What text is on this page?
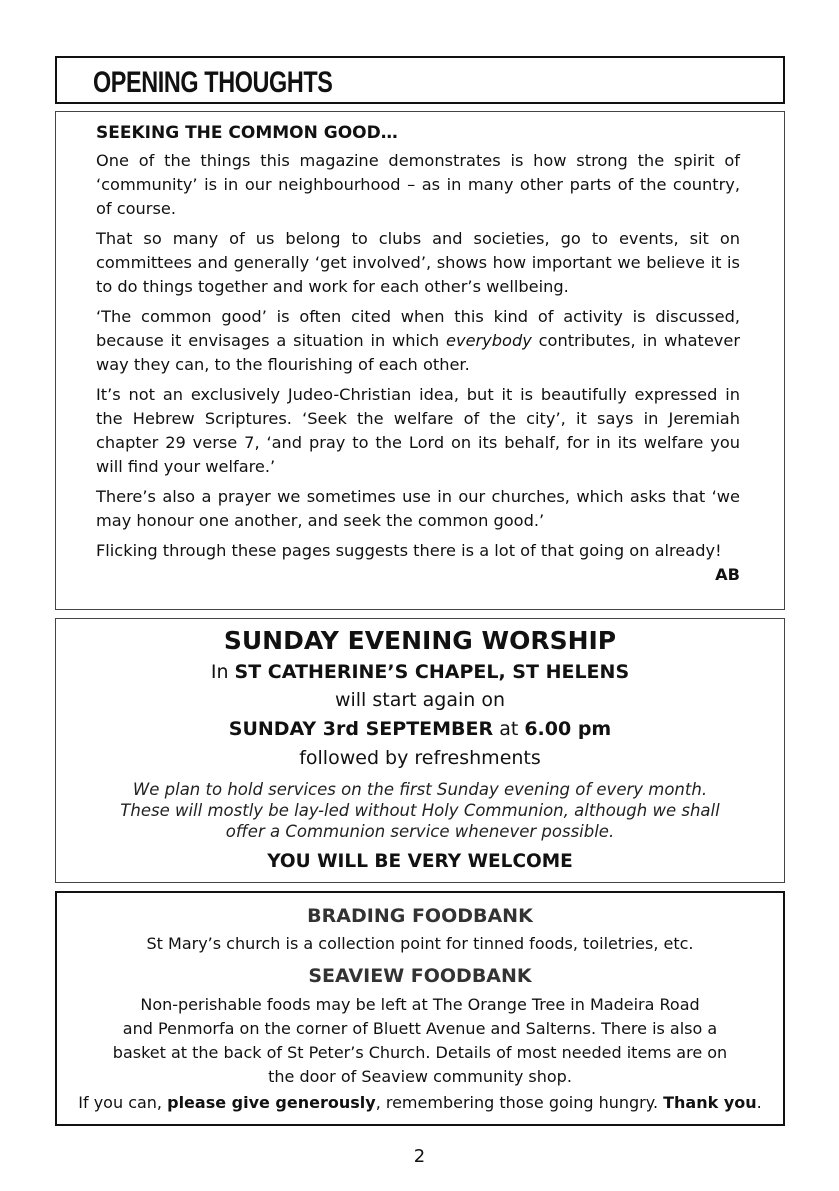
OPENING THOUGHTS
SEEKING THE COMMON GOOD…

One of the things this magazine demonstrates is how strong the spirit of ‘community’ is in our neighbourhood – as in many other parts of the country, of course.

That so many of us belong to clubs and societies, go to events, sit on committees and generally ‘get involved’, shows how important we believe it is to do things together and work for each other’s wellbeing.

‘The common good’ is often cited when this kind of activity is discussed, because it envisages a situation in which everybody contributes, in whatever way they can, to the flourishing of each other.

It’s not an exclusively Judeo-Christian idea, but it is beautifully expressed in the Hebrew Scriptures. ‘Seek the welfare of the city’, it says in Jeremiah chapter 29 verse 7, ‘and pray to the Lord on its behalf, for in its welfare you will find your welfare.’

There’s also a prayer we sometimes use in our churches, which asks that ‘we may honour one another, and seek the common good.’

Flicking through these pages suggests there is a lot of that going on already!
AB

SUNDAY EVENING WORSHIP
In ST CATHERINE’S CHAPEL, ST HELENS
will start again on
SUNDAY 3rd SEPTEMBER at 6.00 pm
followed by refreshments
We plan to hold services on the first Sunday evening of every month.
These will mostly be lay-led without Holy Communion, although we shall
offer a Communion service whenever possible.
YOU WILL BE VERY WELCOME
BRADING FOODBANK
St Mary’s church is a collection point for tinned foods, toiletries, etc.
SEAVIEW FOODBANK
Non-perishable foods may be left at The Orange Tree in Madeira Road
and Penmorfa on the corner of Bluett Avenue and Salterns. There is also a
basket at the back of St Peter’s Church. Details of most needed items are on
the door of Seaview community shop.
If you can, please give generously, remembering those going hungry. Thank you.
2
